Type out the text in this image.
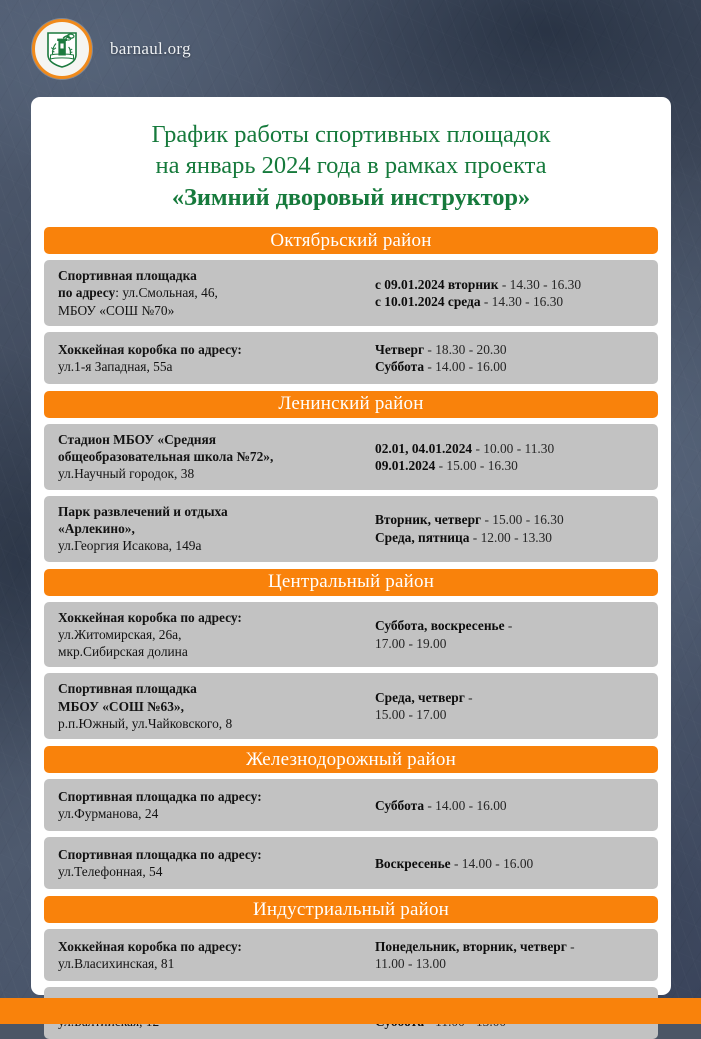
barnaul.org
График работы спортивных площадок
на январь 2024 года в рамках проекта
«Зимний дворовый инструктор»
Октябрьский район
Спортивная площадка
по адресу: ул.Смольная, 46,
МБОУ «СОШ №70»
с 09.01.2024 вторник - 14.30 - 16.30
с 10.01.2024 среда - 14.30 - 16.30
Хоккейная коробка по адресу:
ул.1-я Западная, 55а
Четверг - 18.30 - 20.30
Суббота - 14.00 - 16.00
Ленинский район
Стадион МБОУ «Средняя
общеобразовательная школа №72»,
ул.Научный городок, 38
02.01, 04.01.2024 - 10.00 - 11.30
09.01.2024 - 15.00 - 16.30
Парк развлечений и отдыха
«Арлекино»,
ул.Георгия Исакова, 149а
Вторник, четверг - 15.00 - 16.30
Среда, пятница - 12.00 - 13.30
Центральный район
Хоккейная коробка по адресу:
ул.Житомирская, 26а,
мкр.Сибирская долина
Суббота, воскресенье -
17.00 - 19.00
Спортивная площадка
МБОУ «СОШ №63»,
р.п.Южный, ул.Чайковского, 8
Среда, четверг -
15.00 - 17.00
Железнодорожный район
Спортивная площадка по адресу:
ул.Фурманова, 24
Суббота - 14.00 - 16.00
Спортивная площадка по адресу:
ул.Телефонная, 54
Воскресенье - 14.00 - 16.00
Индустриальный район
Хоккейная коробка по адресу:
ул.Власихинская, 81
Понедельник, вторник, четверг -
11.00 - 13.00
